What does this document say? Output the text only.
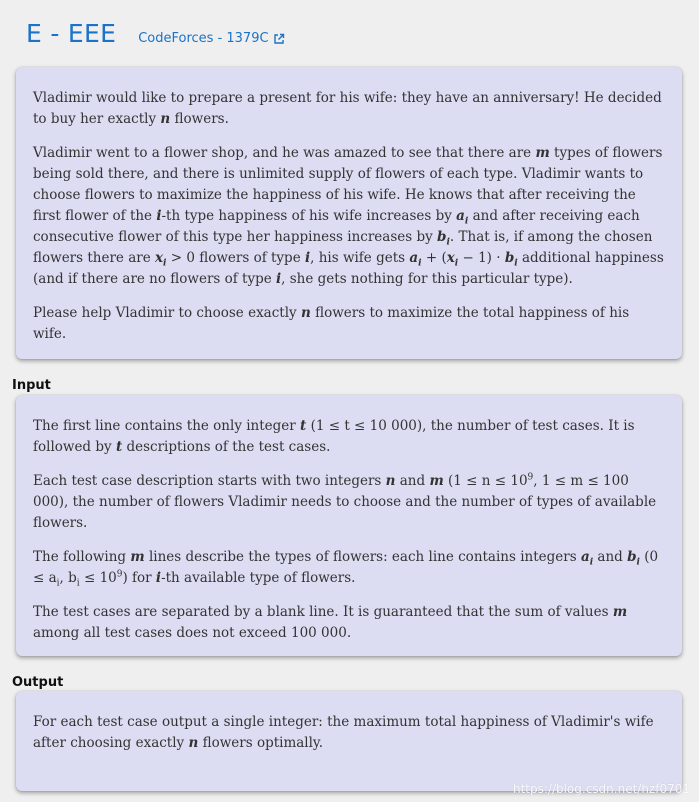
E - EEE CodeForces - 1379C

Vladimir would like to prepare a present for his wife: they have an anniversary! He decided to buy her exactly n flowers.

Vladimir went to a flower shop, and he was amazed to see that there are m types of flowers being sold there, and there is unlimited supply of flowers of each type. Vladimir wants to choose flowers to maximize the happiness of his wife. He knows that after receiving the first flower of the i-th type happiness of his wife increases by $a_i$ and after receiving each consecutive flower of this type her happiness increases by $b_i$. That is, if among the chosen flowers there are $x_i > 0$ flowers of type i, his wife gets $a_i + (x_i - 1) \cdot b_i$ additional happiness (and if there are no flowers of type i, she gets nothing for this particular type).

Please help Vladimir to choose exactly n flowers to maximize the total happiness of his wife.

Input

The first line contains the only integer t (1 ≤ t ≤ 10 000), the number of test cases. It is followed by t descriptions of the test cases.

Each test case description starts with two integers n and m ($1 \le n \le 10^9$, 1 ≤ m ≤ 100 000), the number of flowers Vladimir needs to choose and the number of types of available flowers.

The following m lines describe the types of flowers: each line contains integers $a_i$ and $b_i$ ($0 \le a_i$, $b_i \le 10^9$) for i-th available type of flowers.

The test cases are separated by a blank line. It is guaranteed that the sum of values m among all test cases does not exceed 100 000.

Output

For each test case output a single integer: the maximum total happiness of Vladimir's wife after choosing exactly n flowers optimally.

https://blog.csdn.net/hzf0701
